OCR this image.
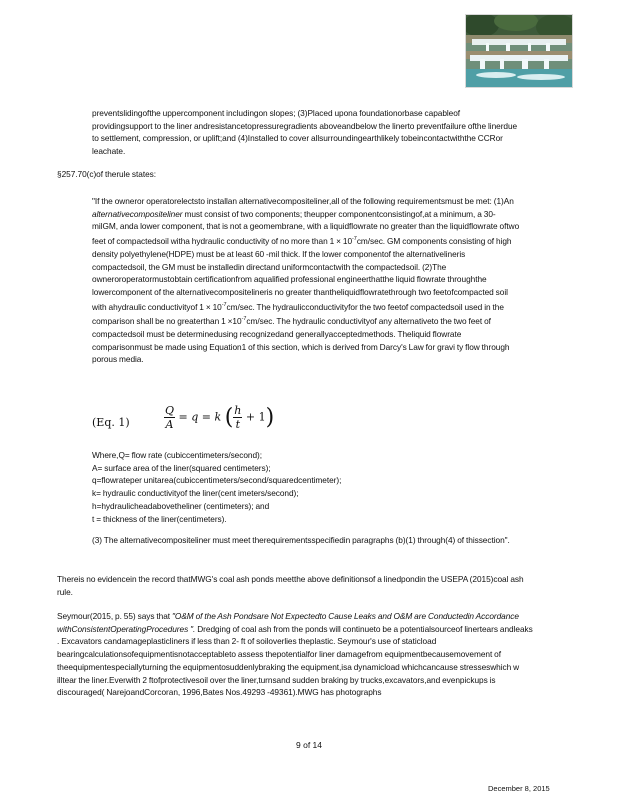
preventslidingofthe uppercomponent includingon slopes; (3)Placed upona foundationorbase capableof providingsupport to the liner andresistancetopressuregradients aboveandbelow the linerto preventfailure ofthe linerdue to settlement, compression, or uplift;and (4)Installed to cover allsurroundingearthlikely tobeincontactwiththe CCRor leachate.

§257.70(c)of therule states:

"If the owneror operatorelectsto installan alternativecompositeliner,all of the following requirementsmust be met: (1)An alternativecompositeliner must consist of two components; theupper componentconsistingof,at a minimum, a 30- milGM, anda lower component, that is not a geomembrane, with a liquidflowrate no greater than the liquidflowrate oftwo feet of compactedsoil witha hydraulic conductivity of no more than $1 \times 10^{-7}cm/\sec$. GM components consisting of high density polyethylene(HDPE) must be at least 60 -mil thick. If the lower componentof the alternativelineris compactedsoil, the GM must be installedin directand uniformcontactwith the compactedsoil. (2)The owneroroperatormustobtain certificationfrom aqualified professional engineerthatthe liquid flowrate throughthe lowercomponent of the alternativecompositelineris no greater thantheliquidflowratethrough two feetofcompacted soil with ahydraulic conductivityof $1 \times 10^{-7}cm/\sec$. The hydraulicconductivityfor the two feetof compactedsoil used in the comparison shall be no greaterthan $1 \times 10^{-7}cm/\sec$. The hydraulic conductivityof any alternativeto the two feet of compactedsoil must be determinedusing recognizedand generallyacceptedmethods. Theliquid flowrate comparisonmust be made using Equation1 of this section, which is derived from Darcy's Law for gravi ty flow through porous media.

(Eq. 1)	$\frac{Q}{A} = q = k$ ( $\frac{h}{t} + 1$)
Where,Q= flow rate (cubiccentimeters/second);
A= surface area of the liner(squared centimeters);
q=flowrateper unitarea(cubiccentimeters/second/squaredcentimeter);
k= hydraulic conductivityof the liner(cent imeters/second);
h=hydraulicheadabovetheliner (centimeters); and
t = thickness of the liner(centimeters).

(3) The alternativecompositeliner must meet therequirementsspecifiedin paragraphs (b)(1) through(4) of thissection".

Thereis no evidencein the record thatMWG's coal ash ponds meetthe above definitionsof a linedpondin the USEPA (2015)coal ash rule.

Seymour(2015, p. 55) says that "O&M of the Ash Pondsare Not Expectedto Cause Leaks and O&M are Conductedin Accordance withConsistentOperatingProcedures ". Dredging of coal ash from the ponds will continueto be a potentialsourceof linertears andleaks . Excavators candamageplasticliners if less than 2- ft of soiloverlies theplastic. Seymour's use of staticload bearingcalculationsofequipmentisnotacceptableto assess thepotentialfor liner damagefrom equipmentbecausemovement of theequipmentespeciallyturning the equipmentosuddenlybraking the equipment,isa dynamicload whichcancause stresseswhich w illtear the liner.Everwith 2 ftofprotectivesoil over the liner,turnsand sudden braking by trucks,excavators,and evenpickups is discouraged( NarejoandCorcoran, 1996,Bates Nos.49293 -49361).MWG has photographs

9 of 14
December 8, 2015
